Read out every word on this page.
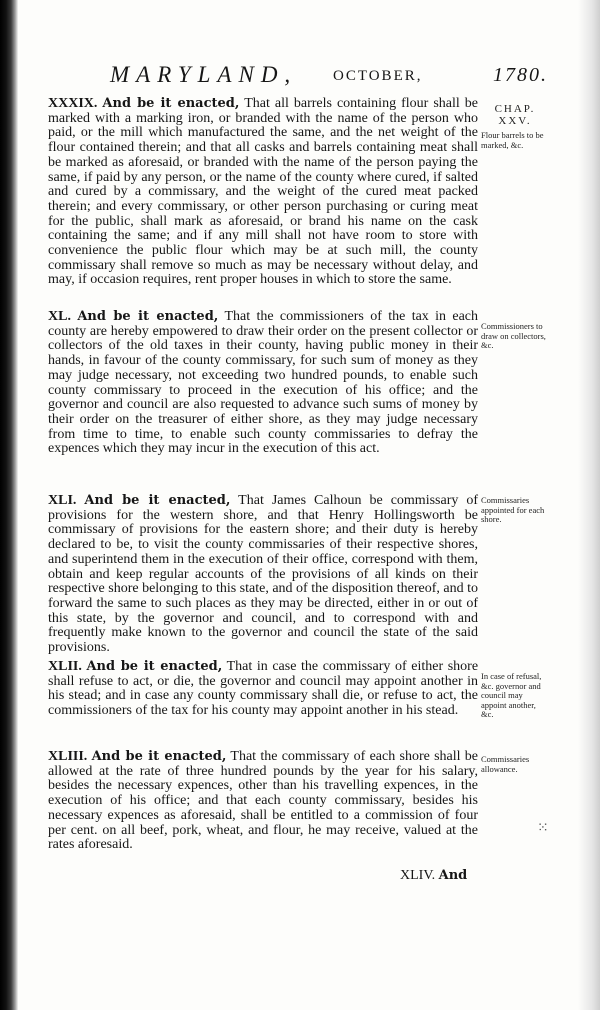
MARYLAND, OCTOBER,	1780.

XXXIX. And be it enacted, That all barrels containing flour shall be marked with a marking iron, or branded with the name of the person who paid, or the mill which manufactured the same, and the net weight of the flour contained therein; and that all casks and barrels containing meat shall be marked as aforesaid, or branded with the name of the person paying the same, if paid by any person, or the name of the county where cured, if salted and cured by a commissary, and the weight of the cured meat packed therein; and every commissary, or other person purchasing or curing meat for the public, shall mark as aforesaid, or brand his name on the cask containing the same; and if any mill shall not have room to store with convenience the public flour which may be at such mill, the county commissary shall remove so much as may be necessary without delay, and may, if occasion requires, rent proper houses in which to store the same.

XL. And be it enacted, That the commissioners of the tax in each county are hereby empowered to draw their order on the present collector or collectors of the old taxes in their county, having public money in their hands, in favour of the county commissary, for such sum of money as they may judge necessary, not exceeding two hundred pounds, to enable such county commissary to proceed in the execution of his office; and the governor and council are also requested to advance such sums of money by their order on the treasurer of either shore, as they may judge necessary from time to time, to enable such county commissaries to defray the expences which they may incur in the execution of this act.

XLI. And be it enacted, That James Calhoun be commissary of provisions for the western shore, and that Henry Hollingsworth be commissary of provisions for the eastern shore; and their duty is hereby declared to be, to visit the county commissaries of their respective shores, and superintend them in the execution of their office, correspond with them, obtain and keep regular accounts of the provisions of all kinds on their respective shore belonging to this state, and of the disposition thereof, and to forward the same to such places as they may be directed, either in or out of this state, by the governor and council, and to correspond with and frequently make known to the governor and council the state of the said provisions.

XLII. And be it enacted, That in case the commissary of either shore shall refuse to act, or die, the governor and council may appoint another in his stead; and in case any county commissary shall die, or refuse to act, the commissioners of the tax for his county may appoint another in his stead.

XLIII. And be it enacted, That the commissary of each shore shall be allowed at the rate of three hundred pounds by the year for his salary, besides the necessary expences, other than his travelling expences, in the execution of his office; and that each county commissary, besides his necessary expences as aforesaid, shall be entitled to a commission of four per cent. on all beef, pork, wheat, and flour, he may receive, valued at the rates aforesaid.

CHAP.
XXV.
Flour barrels to be marked, &c.
Commissioners to draw on collectors, &c.
Commissaries appointed for each shore.
In case of refusal, &c. governor and council may appoint another, &c.
Commissaries allowance.
⁙
XLIV. And
